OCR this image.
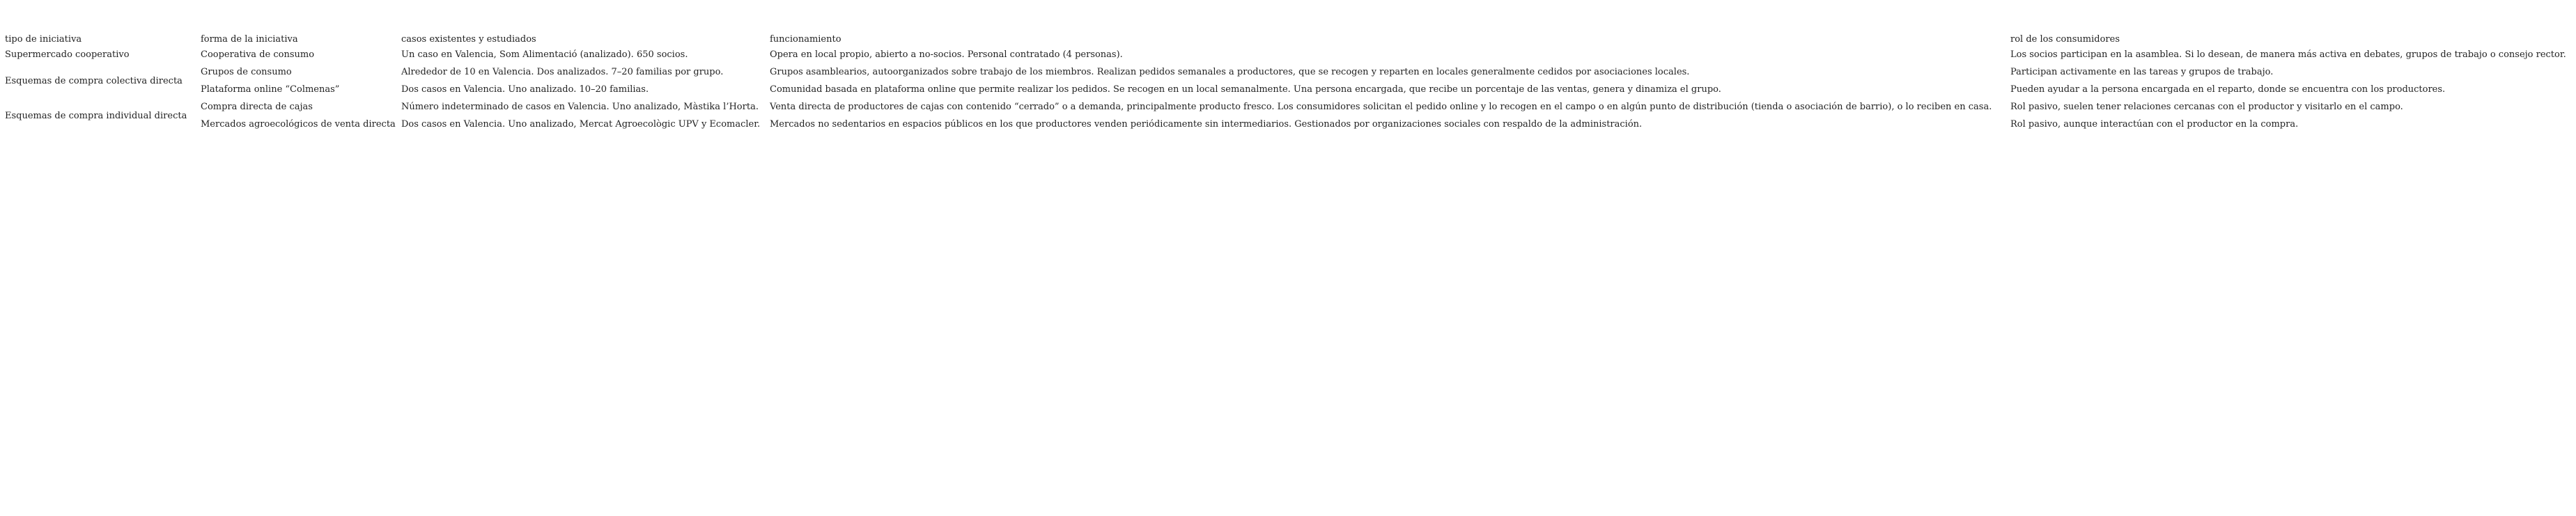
tipo de iniciativa	forma de la iniciativa	casos existentes y estudiados	funcionamiento	rol de los consumidores
Supermercado cooperativo	Cooperativa de consumo	Un caso en Valencia, Som Alimentació (analizado). 650 socios.	Opera en local propio, abierto a no-socios. Personal contratado (4 personas).	Los socios participan en la asamblea. Si lo desean, de manera más activa en debates, grupos de trabajo o consejo rector.
Esquemas de compra colectiva directa	Grupos de consumo	Alrededor de 10 en Valencia. Dos analizados. 7–20 familias por grupo.	Grupos asamblearios, autoorganizados sobre trabajo de los miembros. Realizan pedidos semanales a productores, que se recogen y reparten en locales generalmente cedidos por asociaciones locales.	Participan activamente en las tareas y grupos de trabajo.
	Plataforma online “Colmenas”	Dos casos en Valencia. Uno analizado. 10–20 familias.	Comunidad basada en plataforma online que permite realizar los pedidos. Se recogen en un local semanalmente. Una persona encargada, que recibe un porcentaje de las ventas, genera y dinamiza el grupo.	Pueden ayudar a la persona encargada en el reparto, donde se encuentra con los productores.
Esquemas de compra individual directa	Compra directa de cajas	Número indeterminado de casos en Valencia. Uno analizado, Màstika l’Horta.	Venta directa de productores de cajas con contenido “cerrado” o a demanda, principalmente producto fresco. Los consumidores solicitan el pedido online y lo recogen en el campo o en algún punto de distribución (tienda o asociación de barrio), o lo reciben en casa.	Rol pasivo, suelen tener relaciones cercanas con el productor y visitarlo en el campo.
	Mercados agroecológicos de venta directa	Dos casos en Valencia. Uno analizado, Mercat Agroecològic UPV y Ecomacler.	Mercados no sedentarios en espacios públicos en los que productores venden periódicamente sin intermediarios. Gestionados por organizaciones sociales con respaldo de la administración.	Rol pasivo, aunque interactúan con el productor en la compra.
